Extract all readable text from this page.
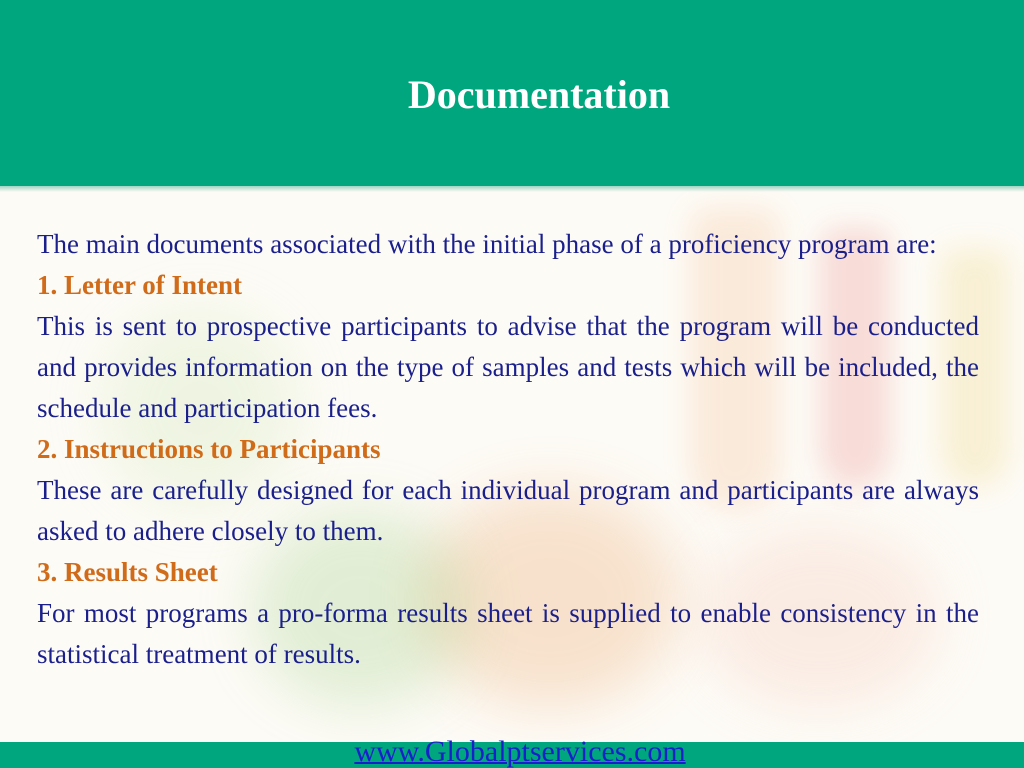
Documentation

The main documents associated with the initial phase of a proficiency program are:

1. Letter of Intent

This is sent to prospective participants to advise that the program will be conducted and provides information on the type of samples and tests which will be included, the schedule and participation fees.

2. Instructions to Participants

These are carefully designed for each individual program and participants are always asked to adhere closely to them.

3. Results Sheet

For most programs a pro-forma results sheet is supplied to enable consistency in the statistical treatment of results.

www.Globalptservices.com
